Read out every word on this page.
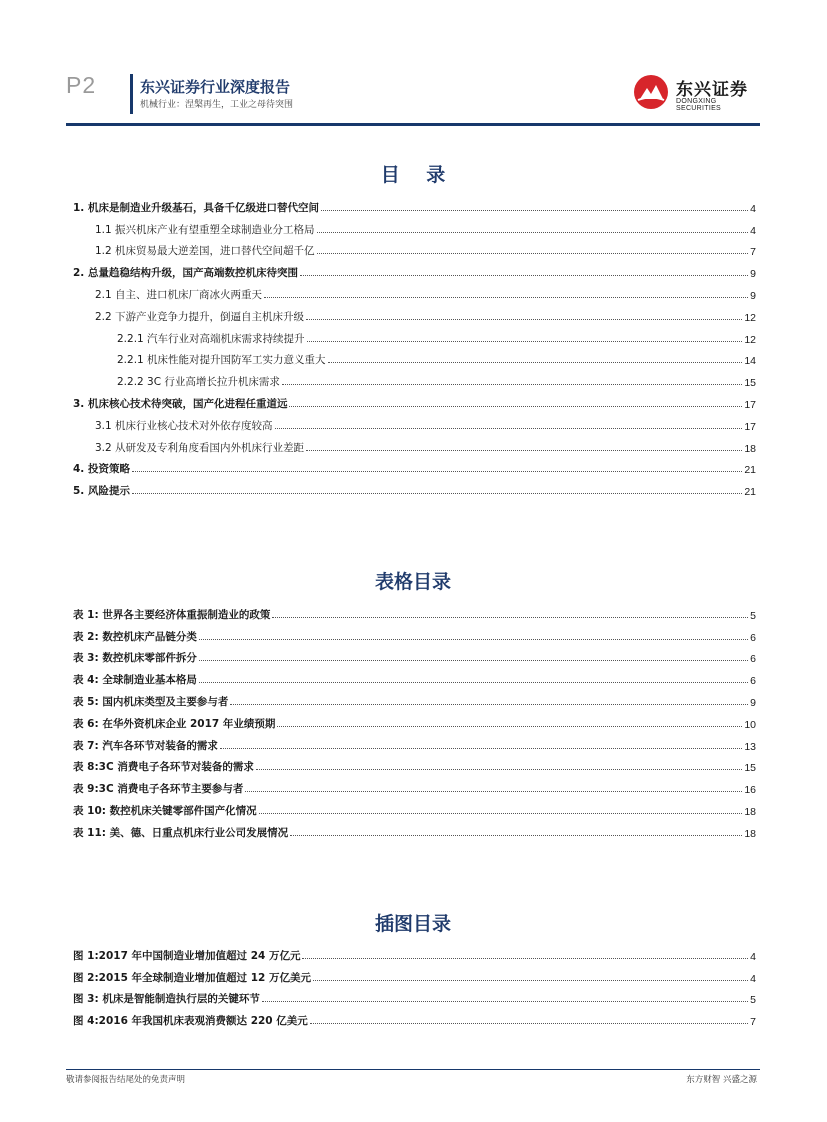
P2	东兴证券行业深度报告
机械行业：涅槃再生，工业之母待突围
东兴证券
DONGXING SECURITIES
目    录
1. 机床是制造业升级基石，具备千亿级进口替代空间	4
1.1 振兴机床产业有望重塑全球制造业分工格局	4
1.2 机床贸易最大逆差国，进口替代空间超千亿	7
2. 总量趋稳结构升级，国产高端数控机床待突围	9
2.1 自主、进口机床厂商冰火两重天	9
2.2 下游产业竞争力提升，倒逼自主机床升级	12
2.2.1 汽车行业对高端机床需求持续提升	12
2.2.1 机床性能对提升国防军工实力意义重大	14
2.2.2 3C 行业高增长拉升机床需求	15
3. 机床核心技术待突破，国产化进程任重道远	17
3.1 机床行业核心技术对外依存度较高	17
3.2 从研发及专利角度看国内外机床行业差距	18
4. 投资策略	21
5. 风险提示	21
表格目录
表 1: 世界各主要经济体重振制造业的政策	5
表 2: 数控机床产品链分类	6
表 3: 数控机床零部件拆分	6
表 4: 全球制造业基本格局	6
表 5: 国内机床类型及主要参与者	9
表 6: 在华外资机床企业 2017 年业绩预期	10
表 7: 汽车各环节对装备的需求	13
表 8:3C 消费电子各环节对装备的需求	15
表 9:3C 消费电子各环节主要参与者	16
表 10: 数控机床关键零部件国产化情况	18
表 11: 美、德、日重点机床行业公司发展情况	18
插图目录
图 1:2017 年中国制造业增加值超过 24 万亿元	4
图 2:2015 年全球制造业增加值超过 12 万亿美元	4
图 3: 机床是智能制造执行层的关键环节	5
图 4:2016 年我国机床表观消费额达 220 亿美元	7
敬请参阅报告结尾处的免责声明	东方财智 兴盛之源
